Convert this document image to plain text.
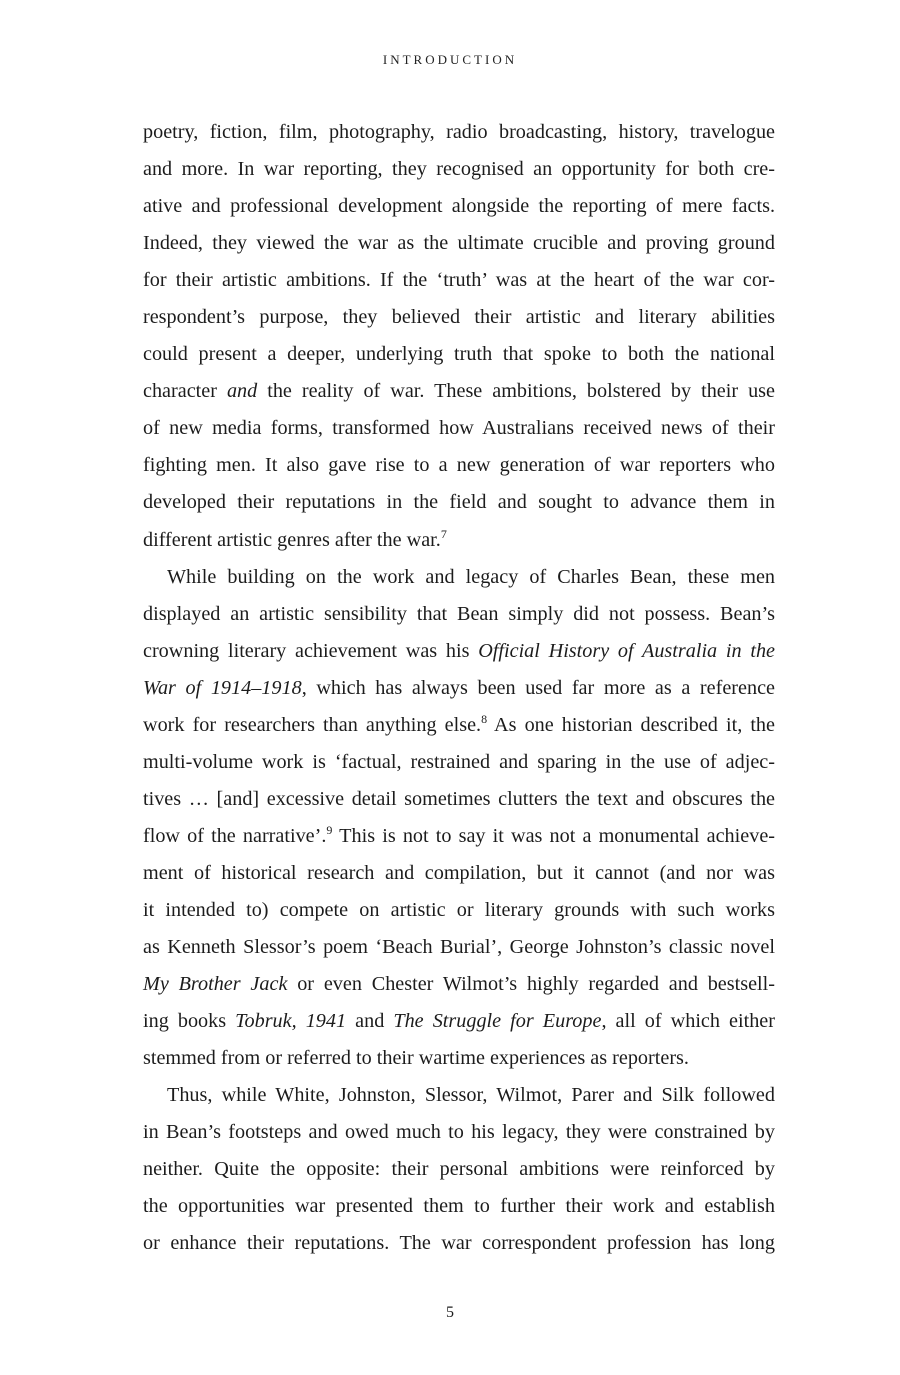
INTRODUCTION
poetry, fiction, film, photography, radio broadcasting, history, travelogue
and more. In war reporting, they recognised an opportunity for both cre-
ative and professional development alongside the reporting of mere facts.
Indeed, they viewed the war as the ultimate crucible and proving ground
for their artistic ambitions. If the ‘truth’ was at the heart of the war cor-
respondent’s purpose, they believed their artistic and literary abilities
could present a deeper, underlying truth that spoke to both the national
character and the reality of war. These ambitions, bolstered by their use
of new media forms, transformed how Australians received news of their
fighting men. It also gave rise to a new generation of war reporters who
developed their reputations in the field and sought to advance them in
different artistic genres after the war.$^7$
While building on the work and legacy of Charles Bean, these men
displayed an artistic sensibility that Bean simply did not possess. Bean’s
crowning literary achievement was his Official History of Australia in the
War of 1914–1918, which has always been used far more as a reference
work for researchers than anything else.$^8$ As one historian described it, the
multi-volume work is ‘factual, restrained and sparing in the use of adjec-
tives … [and] excessive detail sometimes clutters the text and obscures the
flow of the narrative’.$^9$ This is not to say it was not a monumental achieve-
ment of historical research and compilation, but it cannot (and nor was
it intended to) compete on artistic or literary grounds with such works
as Kenneth Slessor’s poem ‘Beach Burial’, George Johnston’s classic novel
My Brother Jack or even Chester Wilmot’s highly regarded and bestsell-
ing books Tobruk, 1941 and The Struggle for Europe, all of which either
stemmed from or referred to their wartime experiences as reporters.
Thus, while White, Johnston, Slessor, Wilmot, Parer and Silk followed
in Bean’s footsteps and owed much to his legacy, they were constrained by
neither. Quite the opposite: their personal ambitions were reinforced by
the opportunities war presented them to further their work and establish
or enhance their reputations. The war correspondent profession has long
5
